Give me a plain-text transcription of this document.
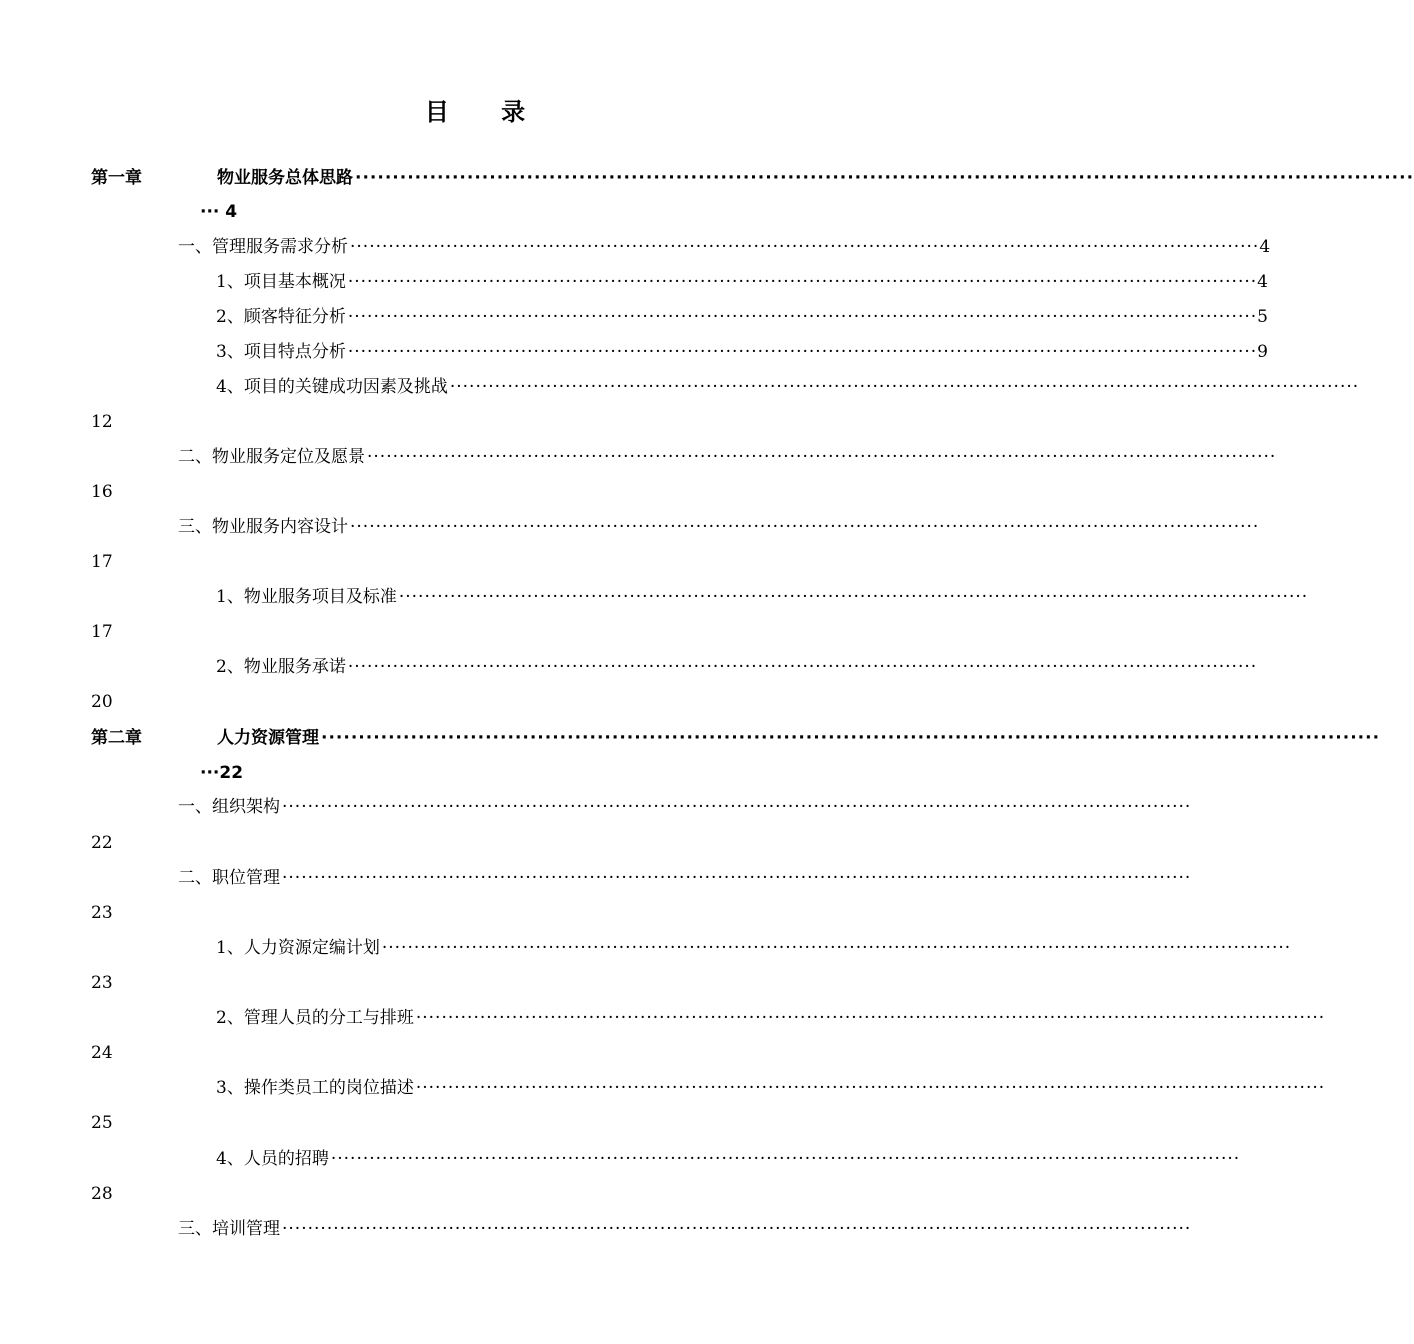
目 录
第一章	物业服务总体思路 ··············································································································································
··· 4
一、管理服务需求分析 ·············································································································································· 4
1、项目基本概况 ·············································································································································· 4
2、顾客特征分析 ·············································································································································· 5
3、项目特点分析 ·············································································································································· 9
4、项目的关键成功因素及挑战 ··············································································································································
12
二、物业服务定位及愿景 ··············································································································································
16
三、物业服务内容设计 ··············································································································································
17
1、物业服务项目及标准 ··············································································································································
17
2、物业服务承诺 ··············································································································································
20
第二章	人力资源管理 ··············································································································································
···22
一、组织架构 ··············································································································································
22
二、职位管理 ··············································································································································
23
1、人力资源定编计划 ··············································································································································
23
2、管理人员的分工与排班 ··············································································································································
24
3、操作类员工的岗位描述 ··············································································································································
25
4、人员的招聘 ··············································································································································
28
三、培训管理 ··············································································································································
